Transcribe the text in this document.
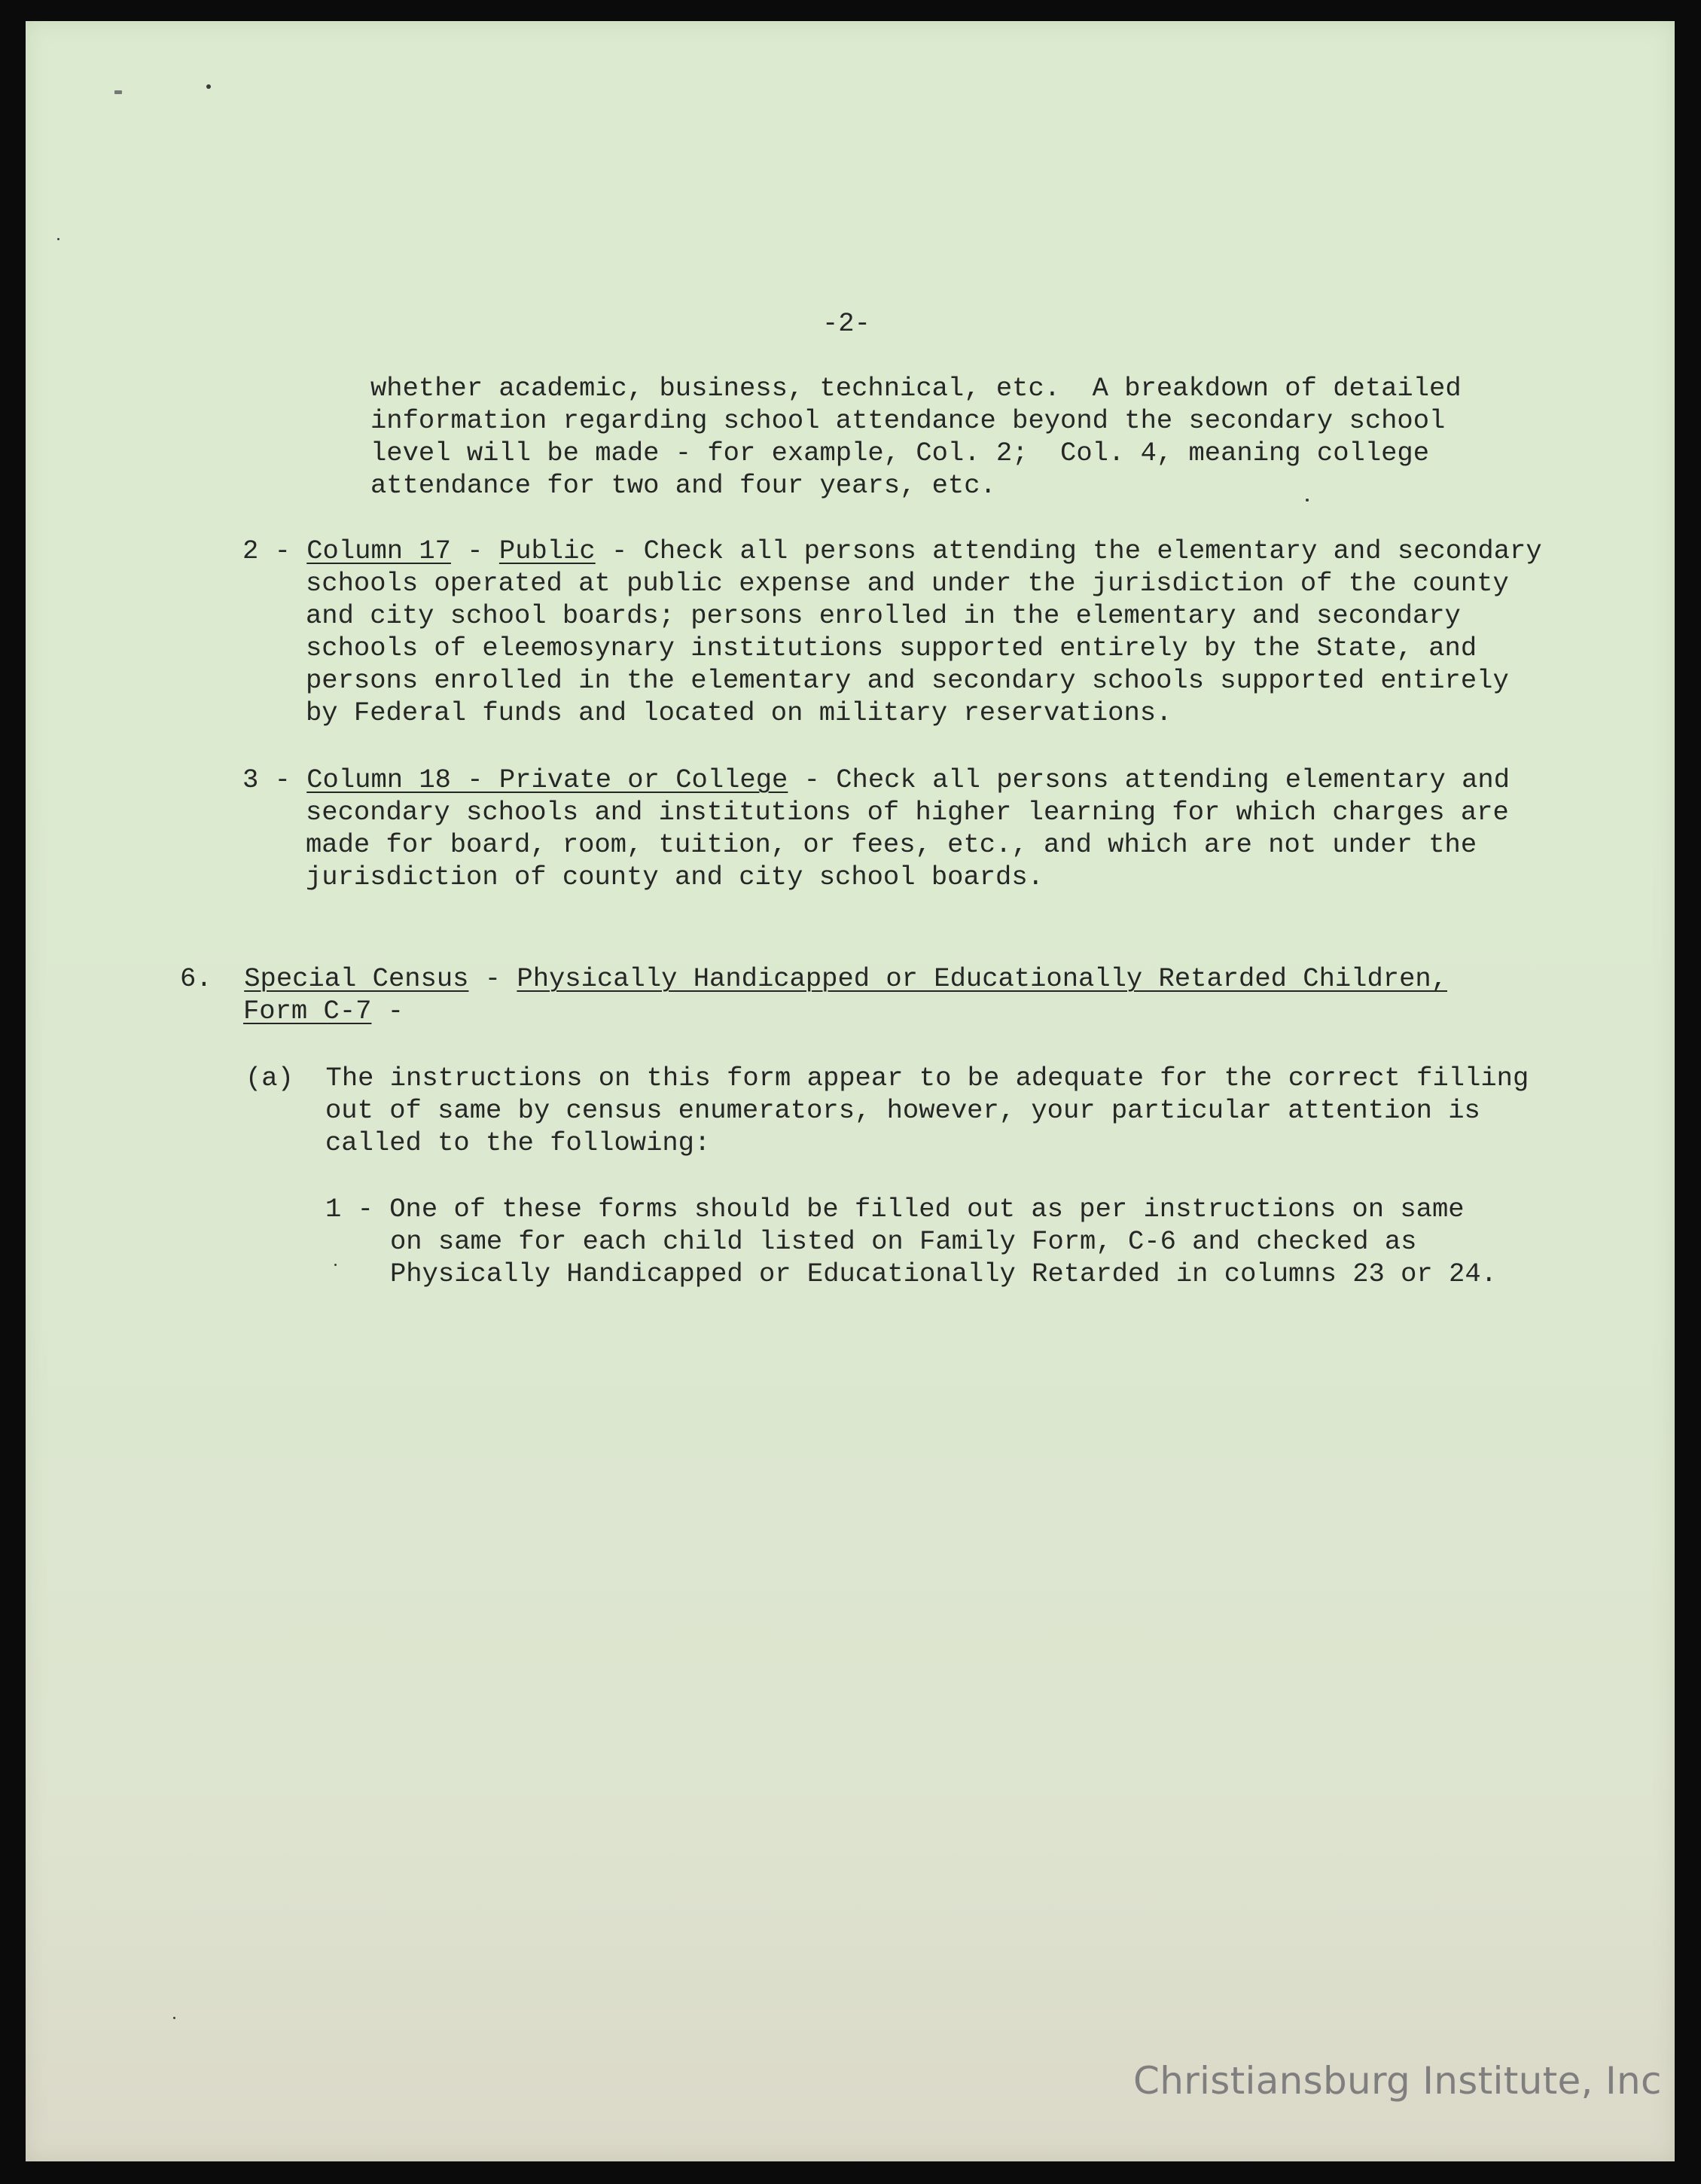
-2-
whether academic, business, technical, etc.  A breakdown of detailed
information regarding school attendance beyond the secondary school
level will be made - for example, Col. 2;  Col. 4, meaning college
attendance for two and four years, etc.
2 - Column 17 - Public - Check all persons attending the elementary and secondary
schools operated at public expense and under the jurisdiction of the county
and city school boards; persons enrolled in the elementary and secondary
schools of eleemosynary institutions supported entirely by the State, and
persons enrolled in the elementary and secondary schools supported entirely
by Federal funds and located on military reservations.
3 - Column 18 - Private or College - Check all persons attending elementary and
secondary schools and institutions of higher learning for which charges are
made for board, room, tuition, or fees, etc., and which are not under the
jurisdiction of county and city school boards.
6. Special Census - Physically Handicapped or Educationally Retarded Children,
Form C-7 -
(a) The instructions on this form appear to be adequate for the correct filling
out of same by census enumerators, however, your particular attention is
called to the following:
1 - One of these forms should be filled out as per instructions on same
on same for each child listed on Family Form, C-6 and checked as
Physically Handicapped or Educationally Retarded in columns 23 or 24.
Christiansburg Institute, Inc
